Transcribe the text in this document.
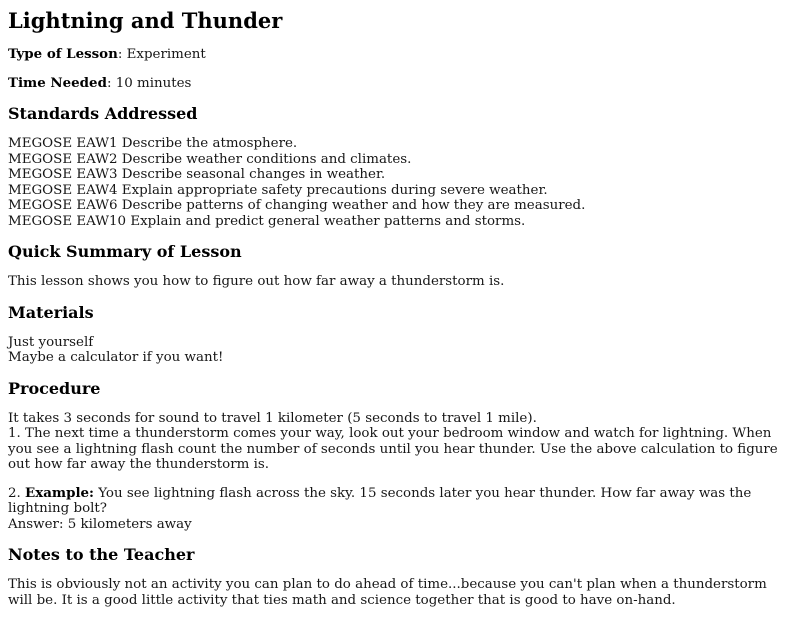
Lightning and Thunder

Type of Lesson: Experiment

Time Needed: 10 minutes

Standards Addressed

MEGOSE EAW1 Describe the atmosphere.
MEGOSE EAW2 Describe weather conditions and climates.
MEGOSE EAW3 Describe seasonal changes in weather.
MEGOSE EAW4 Explain appropriate safety precautions during severe weather.
MEGOSE EAW6 Describe patterns of changing weather and how they are measured.
MEGOSE EAW10 Explain and predict general weather patterns and storms.

Quick Summary of Lesson

This lesson shows you how to figure out how far away a thunderstorm is.

Materials

Just yourself
Maybe a calculator if you want!

Procedure

It takes 3 seconds for sound to travel 1 kilometer (5 seconds to travel 1 mile).
1. The next time a thunderstorm comes your way, look out your bedroom window and watch for lightning. When you see a lightning flash count the number of seconds until you hear thunder. Use the above calculation to figure out how far away the thunderstorm is.

2. Example: You see lightning flash across the sky. 15 seconds later you hear thunder. How far away was the lightning bolt?
Answer: 5 kilometers away

Notes to the Teacher

This is obviously not an activity you can plan to do ahead of time...because you can't plan when a thunderstorm will be. It is a good little activity that ties math and science together that is good to have on-hand.
